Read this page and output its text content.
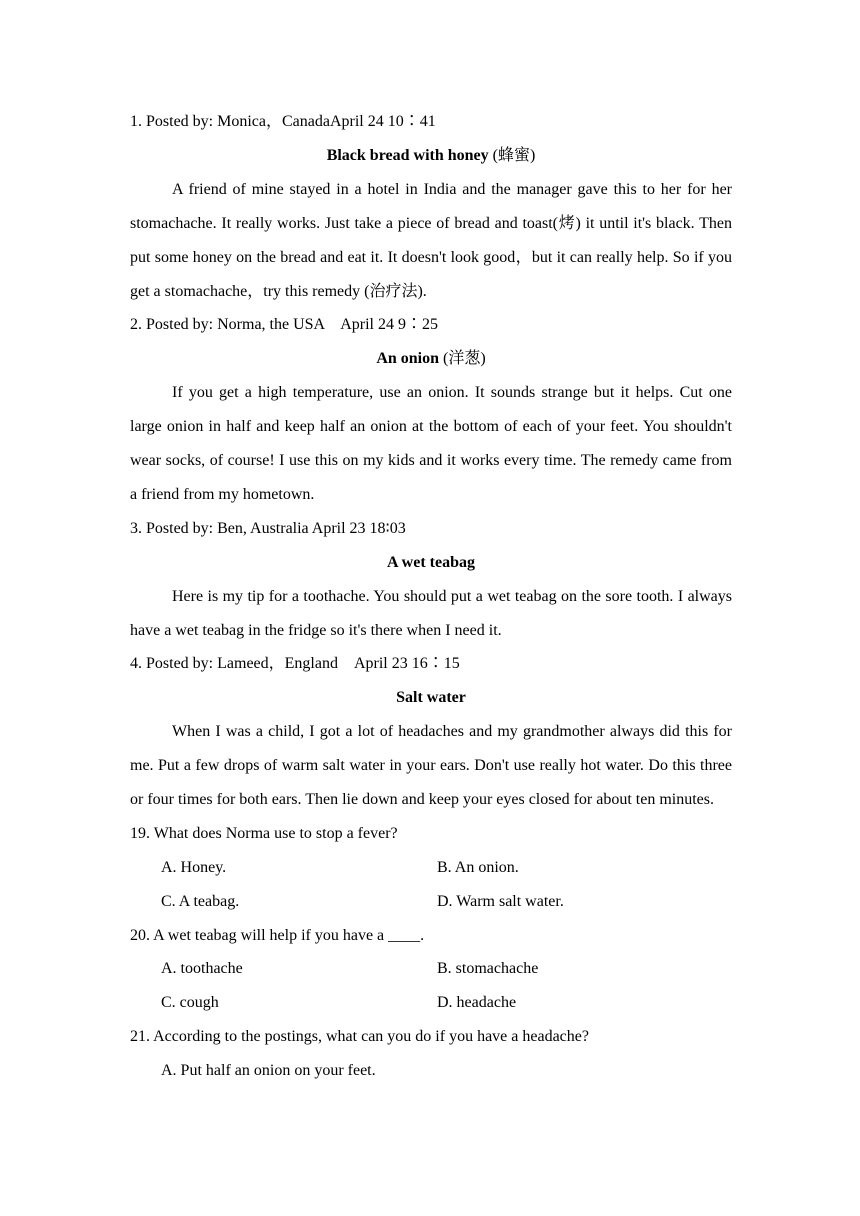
1. Posted by: Monica，CanadaApril 24 10∶41
Black bread with honey (蜂蜜)
A friend of mine stayed in a hotel in India and the manager gave this to her for her stomachache. It really works. Just take a piece of bread and toast(烤) it until it's black. Then put some honey on the bread and eat it. It doesn't look good，but it can really help. So if you get a stomachache，try this remedy (治疗法).
2. Posted by: Norma, the USA　April 24 9∶25
An onion (洋葱)
If you get a high temperature, use an onion. It sounds strange but it helps. Cut one large onion in half and keep half an onion at the bottom of each of your feet. You shouldn't wear socks, of course! I use this on my kids and it works every time. The remedy came from a friend from my hometown.
3. Posted by: Ben, Australia April 23 18∶03
A wet teabag
Here is my tip for a toothache. You should put a wet teabag on the sore tooth. I always have a wet teabag in the fridge so it's there when I need it.
4. Posted by: Lameed，England　April 23 16∶15
Salt water
When I was a child, I got a lot of headaches and my grandmother always did this for me. Put a few drops of warm salt water in your ears. Don't use really hot water. Do this three or four times for both ears. Then lie down and keep your eyes closed for about ten minutes.
19. What does Norma use to stop a fever?
A. Honey.	B. An onion.
C. A teabag.	D. Warm salt water.
20. A wet teabag will help if you have a ____.
A. toothache	B. stomachache
C. cough	D. headache
21. According to the postings, what can you do if you have a headache?
A. Put half an onion on your feet.
